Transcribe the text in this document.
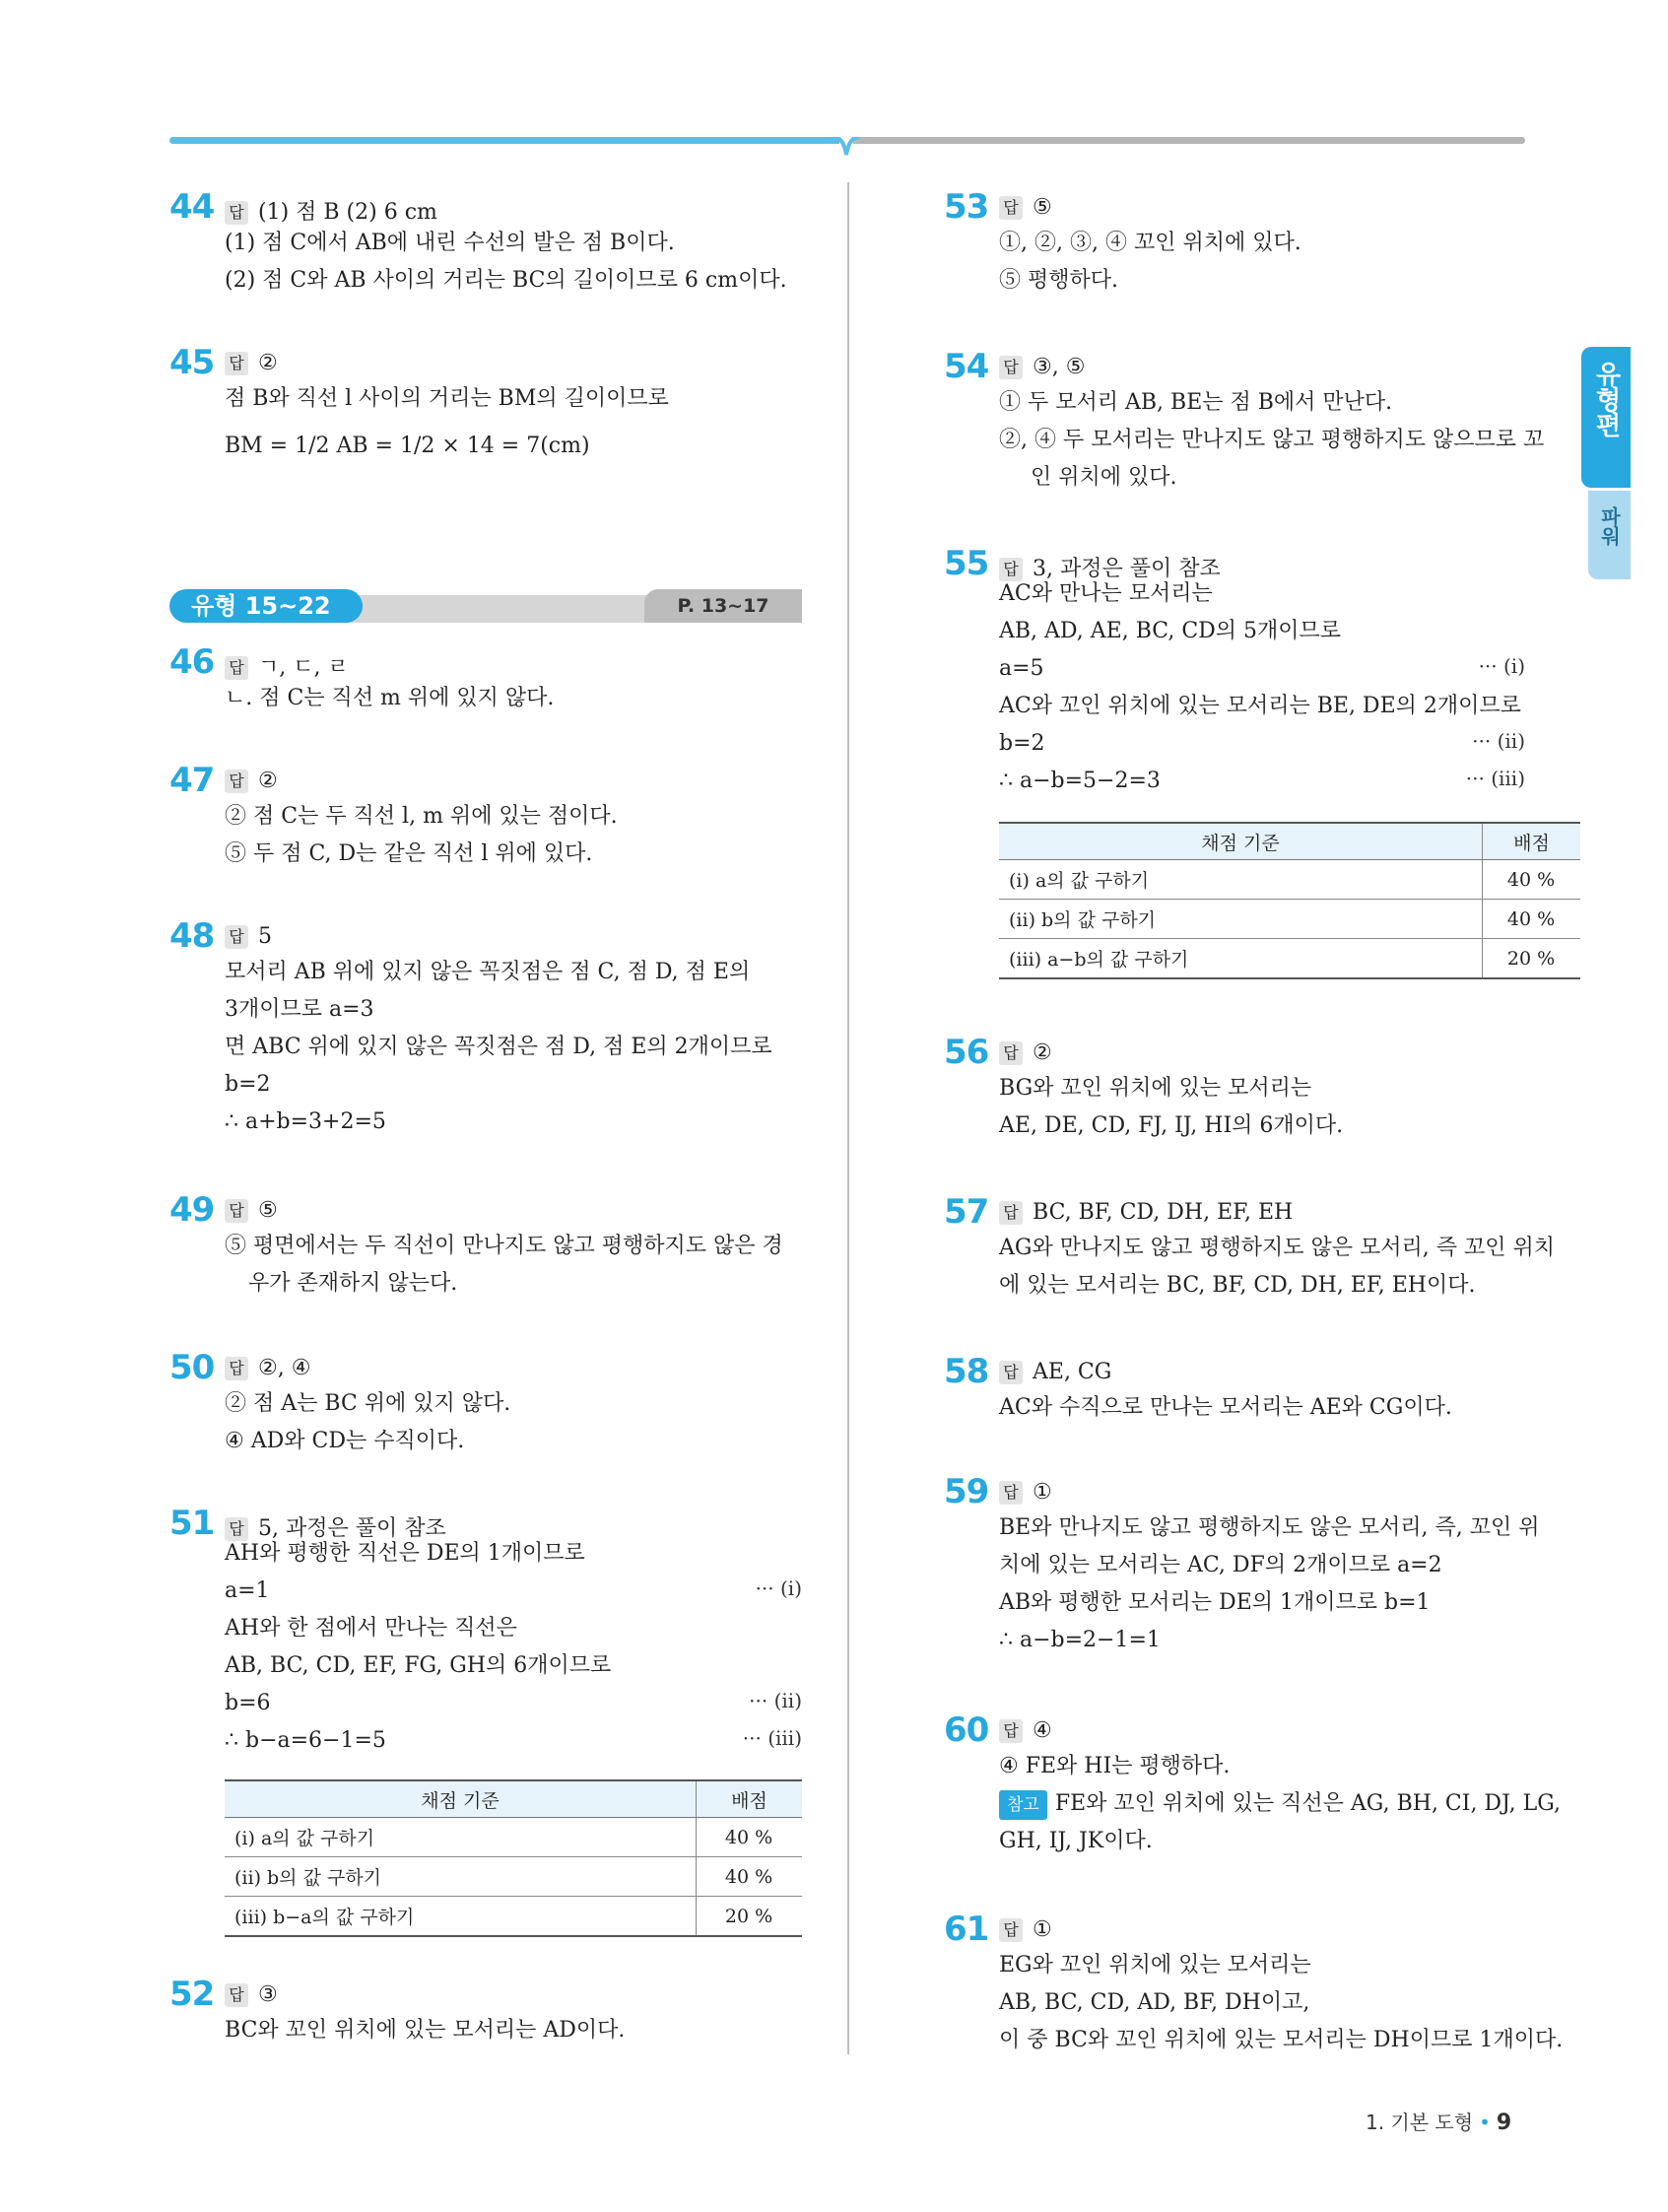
유형편
파워
44 답 (1) 점 B (2) 6 cm
(1) 점 C에서 AB에 내린 수선의 발은 점 B이다.
(2) 점 C와 AB 사이의 거리는 BC의 길이이므로 6 cm이다.
45 답 ②
점 B와 직선 l 사이의 거리는 BM의 길이이므로
BM = 1/2 AB = 1/2 × 14 = 7(cm)
유형 15~22	P. 13~17
46 답 ㄱ, ㄷ, ㄹ
ㄴ. 점 C는 직선 m 위에 있지 않다.
47 답 ②
② 점 C는 두 직선 l, m 위에 있는 점이다.
⑤ 두 점 C, D는 같은 직선 l 위에 있다.
48 답 5
모서리 AB 위에 있지 않은 꼭짓점은 점 C, 점 D, 점 E의
3개이므로 a=3
면 ABC 위에 있지 않은 꼭짓점은 점 D, 점 E의 2개이므로
b=2
∴ a+b=3+2=5
49 답 ⑤
⑤ 평면에서는 두 직선이 만나지도 않고 평행하지도 않은 경
우가 존재하지 않는다.
50 답 ②, ④
② 점 A는 BC 위에 있지 않다.
④ AD와 CD는 수직이다.
51 답 5, 과정은 풀이 참조
AH와 평행한 직선은 DE의 1개이므로
a=1	··· (i)
AH와 한 점에서 만나는 직선은
AB, BC, CD, EF, FG, GH의 6개이므로
b=6	··· (ii)
∴ b−a=6−1=5	··· (iii)
채점 기준	배점
(i) a의 값 구하기	40 %
(ii) b의 값 구하기	40 %
(iii) b−a의 값 구하기	20 %
52 답 ③
BC와 꼬인 위치에 있는 모서리는 AD이다.
53 답 ⑤
①, ②, ③, ④ 꼬인 위치에 있다.
⑤ 평행하다.
54 답 ③, ⑤
① 두 모서리 AB, BE는 점 B에서 만난다.
②, ④ 두 모서리는 만나지도 않고 평행하지도 않으므로 꼬
인 위치에 있다.
55 답 3, 과정은 풀이 참조
AC와 만나는 모서리는
AB, AD, AE, BC, CD의 5개이므로
a=5	··· (i)
AC와 꼬인 위치에 있는 모서리는 BE, DE의 2개이므로
b=2	··· (ii)
∴ a−b=5−2=3	··· (iii)
채점 기준	배점
(i) a의 값 구하기	40 %
(ii) b의 값 구하기	40 %
(iii) a−b의 값 구하기	20 %
56 답 ②
BG와 꼬인 위치에 있는 모서리는
AE, DE, CD, FJ, IJ, HI의 6개이다.
57 답 BC, BF, CD, DH, EF, EH
AG와 만나지도 않고 평행하지도 않은 모서리, 즉 꼬인 위치
에 있는 모서리는 BC, BF, CD, DH, EF, EH이다.
58 답 AE, CG
AC와 수직으로 만나는 모서리는 AE와 CG이다.
59 답 ①
BE와 만나지도 않고 평행하지도 않은 모서리, 즉, 꼬인 위
치에 있는 모서리는 AC, DF의 2개이므로 a=2
AB와 평행한 모서리는 DE의 1개이므로 b=1
∴ a−b=2−1=1
60 답 ④
④ FE와 HI는 평행하다.
참고 FE와 꼬인 위치에 있는 직선은 AG, BH, CI, DJ, LG,
GH, IJ, JK이다.
61 답 ①
EG와 꼬인 위치에 있는 모서리는
AB, BC, CD, AD, BF, DH이고,
이 중 BC와 꼬인 위치에 있는 모서리는 DH이므로 1개이다.
1. 기본 도형 • 9
